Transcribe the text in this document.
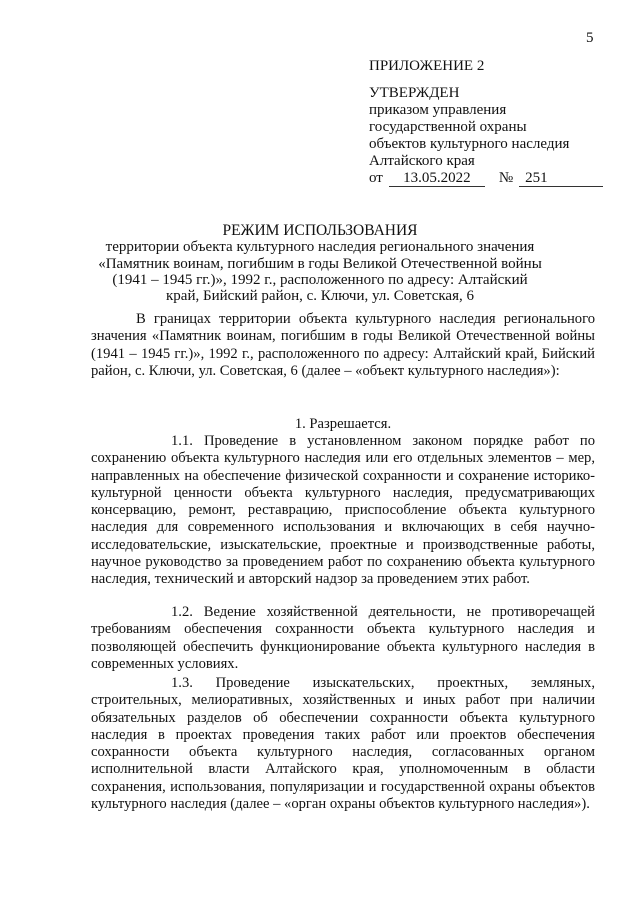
5
ПРИЛОЖЕНИЕ 2
УТВЕРЖДЕН
приказом управления
государственной охраны
объектов культурного наследия
Алтайского края
от	13.05.2022	№ 251
РЕЖИМ ИСПОЛЬЗОВАНИЯ
территории объекта культурного наследия регионального значения
«Памятник воинам, погибшим в годы Великой Отечественной войны
(1941 – 1945 гг.)», 1992 г., расположенного по адресу: Алтайский
край, Бийский район, с. Ключи, ул. Советская, 6

В границах территории объекта культурного наследия регионального значения «Памятник воинам, погибшим в годы Великой Отечественной войны (1941 – 1945 гг.)», 1992 г., расположенного по адресу: Алтайский край, Бийский район, с. Ключи, ул. Советская, 6 (далее – «объект культурного наследия»):

1. Разрешается.

1.1. Проведение в установленном законом порядке работ по сохранению объекта культурного наследия или его отдельных элементов – мер, направленных на обеспечение физической сохранности и сохранение историко-культурной ценности объекта культурного наследия, предусматривающих консервацию, ремонт, реставрацию, приспособление объекта культурного наследия для современного использования и включающих в себя научно-исследовательские, изыскательские, проектные и производственные работы, научное руководство за проведением работ по сохранению объекта культурного наследия, технический и авторский надзор за проведением этих работ.

1.2. Ведение хозяйственной деятельности, не противоречащей требованиям обеспечения сохранности объекта культурного наследия и позволяющей обеспечить функционирование объекта культурного наследия в современных условиях.

1.3. Проведение изыскательских, проектных, земляных, строительных, мелиоративных, хозяйственных и иных работ при наличии обязательных разделов об обеспечении сохранности объекта культурного наследия в проектах проведения таких работ или проектов обеспечения сохранности объекта культурного наследия, согласованных органом исполнительной власти Алтайского края, уполномоченным в области сохранения, использования, популяризации и государственной охраны объектов культурного наследия (далее – «орган охраны объектов культурного наследия»).
